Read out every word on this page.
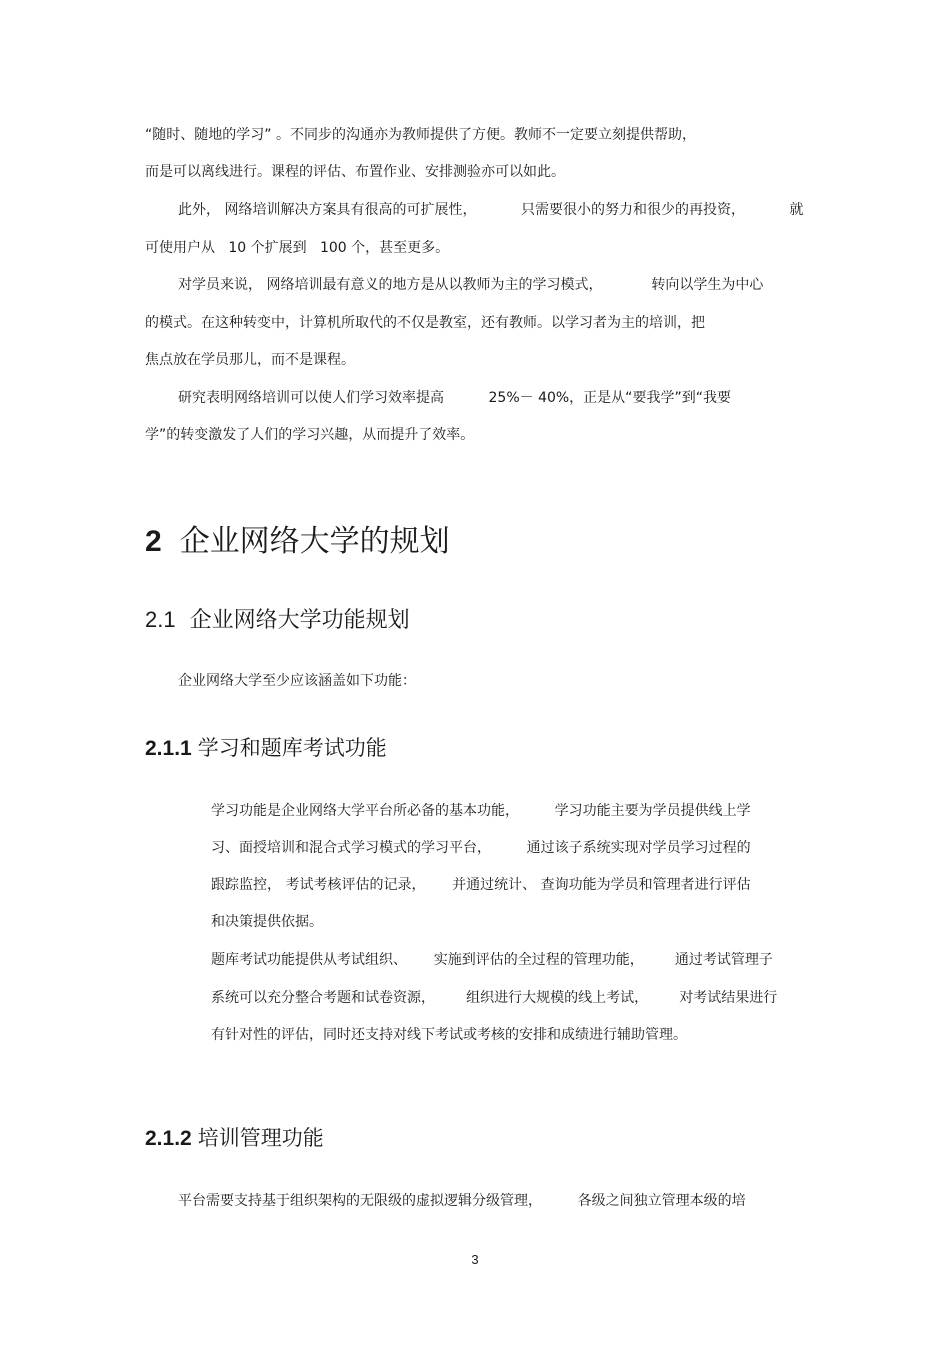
“随时、随地的学习” 。不同步的沟通亦为教师提供了方便。教师不一定要立刻提供帮助，
而是可以离线进行。课程的评估、布置作业、安排测验亦可以如此。
此外， 网络培训解决方案具有很高的可扩展性，          只需要很小的努力和很少的再投资，          就
可使用户从   10 个扩展到   100 个，甚至更多。
对学员来说， 网络培训最有意义的地方是从以教师为主的学习模式，           转向以学生为中心
的模式。在这种转变中，计算机所取代的不仅是教室，还有教师。以学习者为主的培训，把
焦点放在学员那儿，而不是课程。
研究表明网络培训可以使人们学习效率提高          25%－ 40%，正是从“要我学”到“我要
学”的转变激发了人们的学习兴趣，从而提升了效率。
2 企业网络大学的规划
2.1 企业网络大学功能规划
企业网络大学至少应该涵盖如下功能：
2.1.1 学习和题库考试功能
学习功能是企业网络大学平台所必备的基本功能，        学习功能主要为学员提供线上学
习、面授培训和混合式学习模式的学习平台，        通过该子系统实现对学员学习过程的
跟踪监控， 考试考核评估的记录，      并通过统计、 查询功能为学员和管理者进行评估
和决策提供依据。
题库考试功能提供从考试组织、      实施到评估的全过程的管理功能，       通过考试管理子
系统可以充分整合考题和试卷资源，       组织进行大规模的线上考试，       对考试结果进行
有针对性的评估，同时还支持对线下考试或考核的安排和成绩进行辅助管理。
2.1.2 培训管理功能
平台需要支持基于组织架构的无限级的虚拟逻辑分级管理，        各级之间独立管理本级的培
3
